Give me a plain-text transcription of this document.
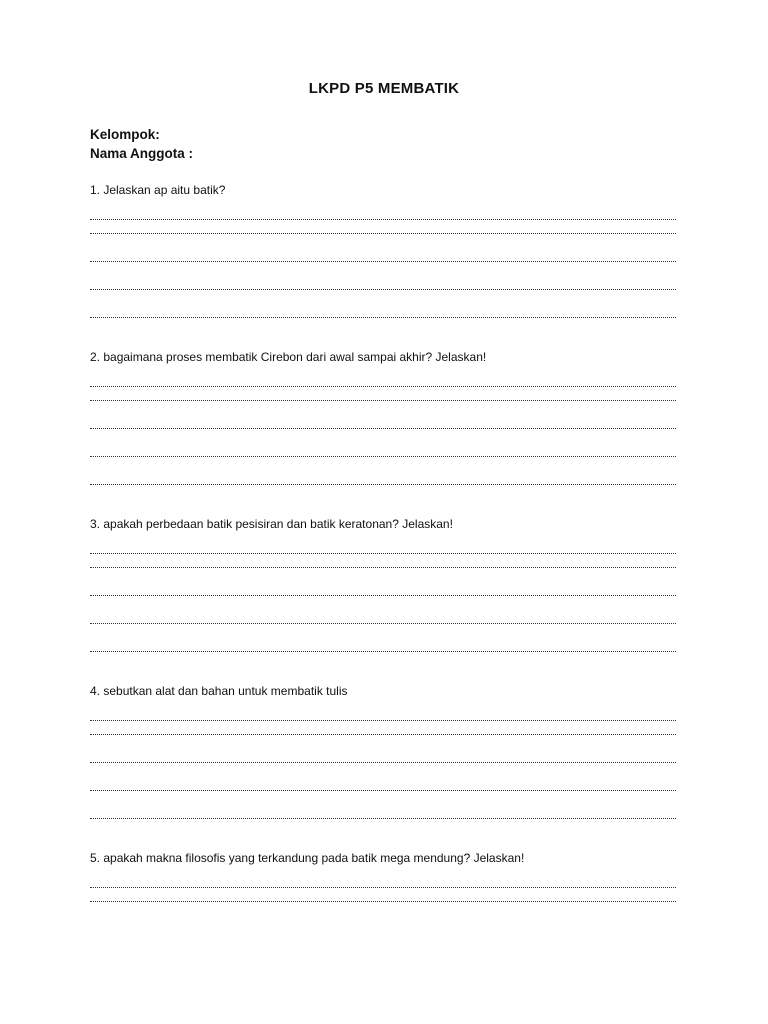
LKPD P5 MEMBATIK

Kelompok:

Nama Anggota :

1. Jelaskan ap aitu batik?

2. bagaimana proses membatik Cirebon dari awal sampai akhir? Jelaskan!

3. apakah perbedaan batik pesisiran dan batik keratonan? Jelaskan!

4. sebutkan alat dan bahan untuk membatik tulis

5. apakah makna filosofis yang terkandung pada batik mega mendung? Jelaskan!
